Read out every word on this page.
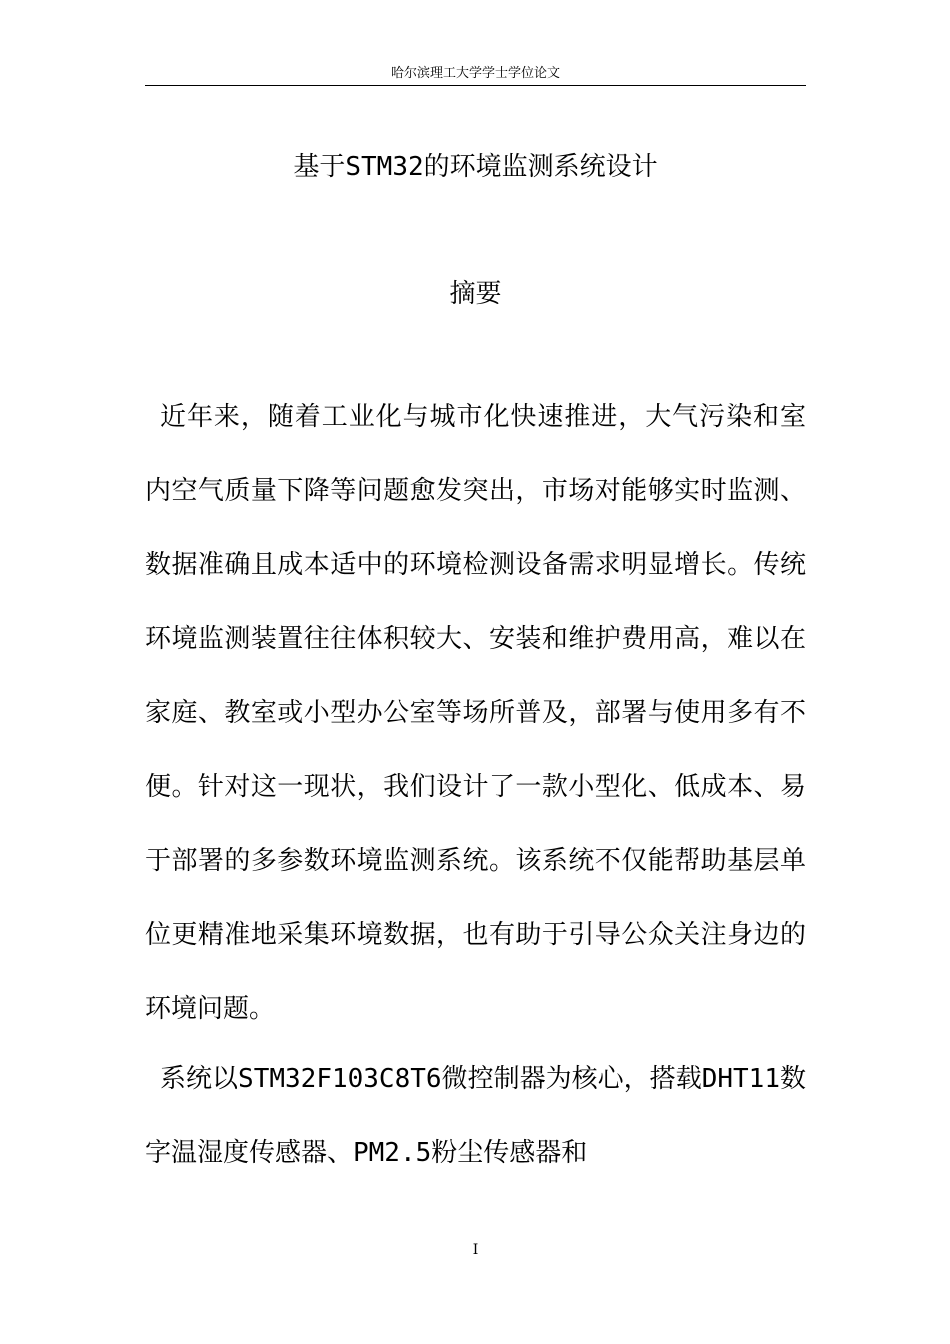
哈尔滨理工大学学士学位论文
基于STM32的环境监测系统设计
摘要

近年来，随着工业化与城市化快速推进，大气污染和室内空气质量下降等问题愈发突出，市场对能够实时监测、数据准确且成本适中的环境检测设备需求明显增长。传统环境监测装置往往体积较大、安装和维护费用高，难以在家庭、教室或小型办公室等场所普及，部署与使用多有不便。针对这一现状，我们设计了一款小型化、低成本、易于部署的多参数环境监测系统。该系统不仅能帮助基层单位更精准地采集环境数据，也有助于引导公众关注身边的环境问题。

系统以STM32F103C8T6微控制器为核心，搭载DHT11数字温湿度传感器、PM2.5粉尘传感器和

I
